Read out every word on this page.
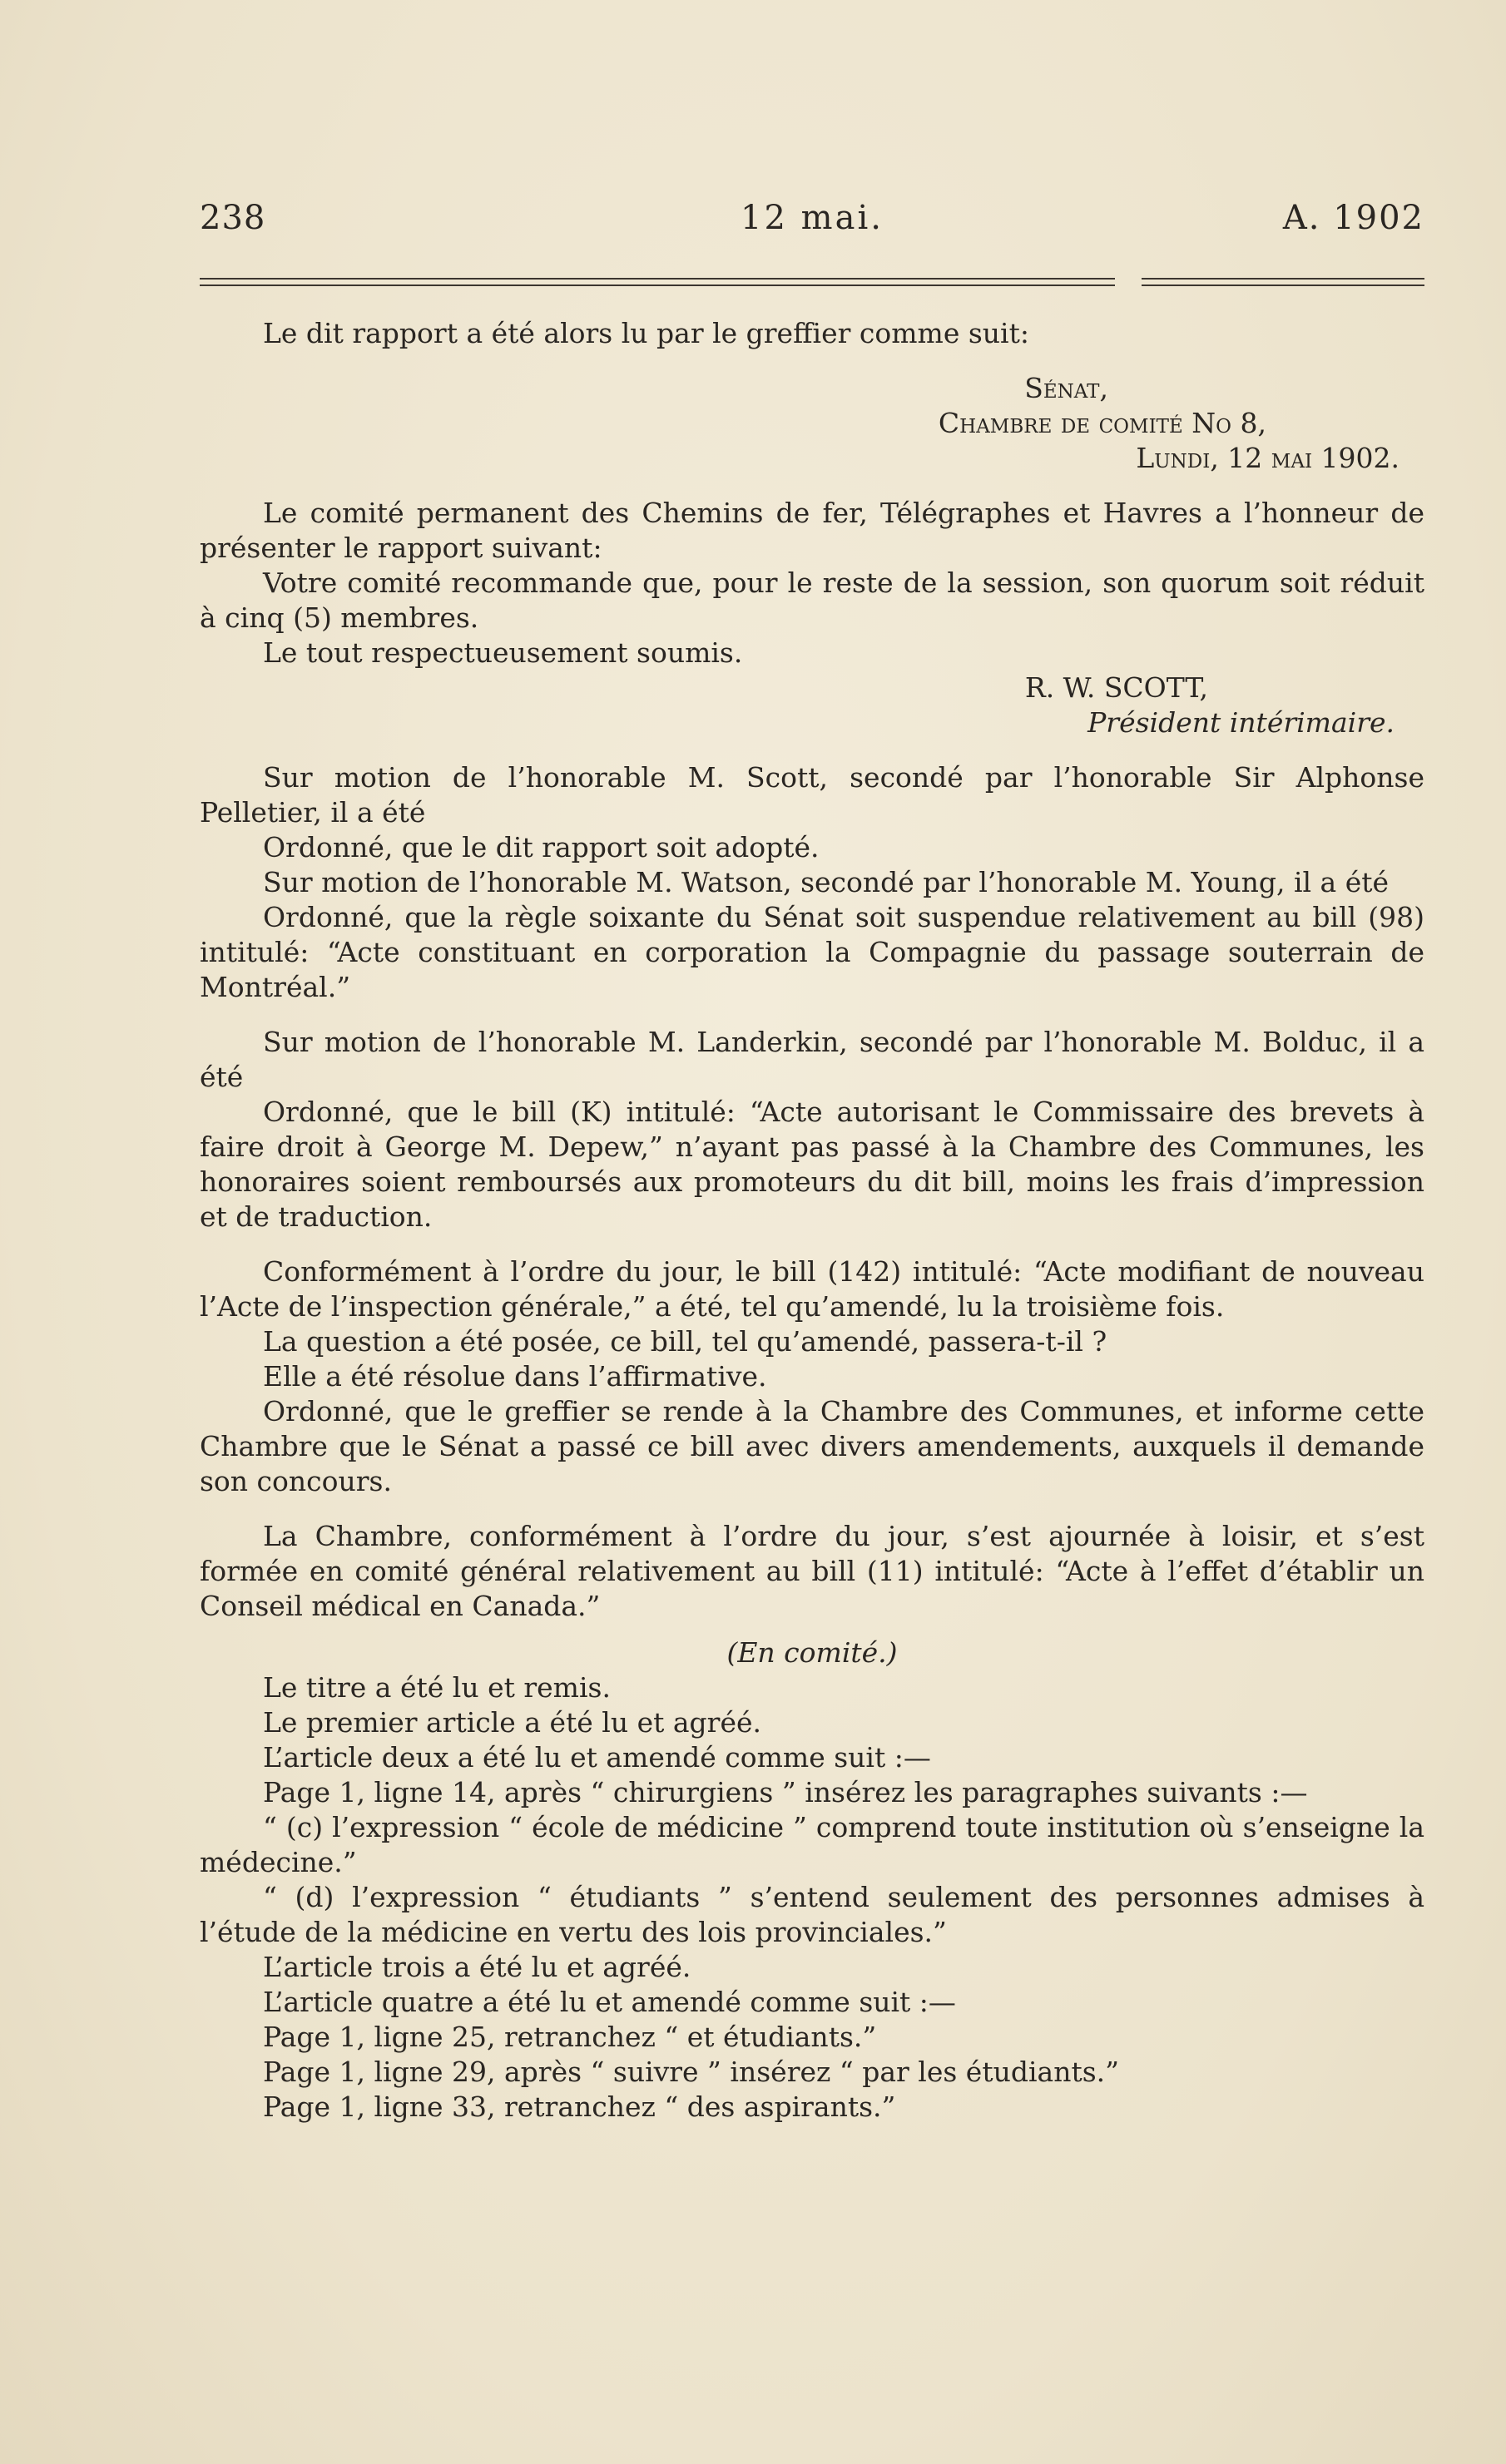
238	12 mai.	A. 1902

Le dit rapport a été alors lu par le greffier comme suit:

Sénat,

Chambre de comité No 8,

Lundi, 12 mai 1902.

Le comité permanent des Chemins de fer, Télégraphes et Havres a l’honneur de présenter le rapport suivant:

Votre comité recommande que, pour le reste de la session, son quorum soit réduit à cinq (5) membres.

Le tout respectueusement soumis.

R. W. SCOTT,

Président intérimaire.

Sur motion de l’honorable M. Scott, secondé par l’honorable Sir Alphonse Pelletier, il a été

Ordonné, que le dit rapport soit adopté.

Sur motion de l’honorable M. Watson, secondé par l’honorable M. Young, il a été

Ordonné, que la règle soixante du Sénat soit suspendue relativement au bill (98) intitulé: “Acte constituant en corporation la Compagnie du passage souterrain de Montréal.”

Sur motion de l’honorable M. Landerkin, secondé par l’honorable M. Bolduc, il a été

Ordonné, que le bill (K) intitulé: “Acte autorisant le Commissaire des brevets à faire droit à George M. Depew,” n’ayant pas passé à la Chambre des Communes, les honoraires soient remboursés aux promoteurs du dit bill, moins les frais d’impression et de traduction.

Conformément à l’ordre du jour, le bill (142) intitulé: “Acte modifiant de nouveau l’Acte de l’inspection générale,” a été, tel qu’amendé, lu la troisième fois.

La question a été posée, ce bill, tel qu’amendé, passera-t-il ?

Elle a été résolue dans l’affirmative.

Ordonné, que le greffier se rende à la Chambre des Communes, et informe cette Chambre que le Sénat a passé ce bill avec divers amendements, auxquels il demande son concours.

La Chambre, conformément à l’ordre du jour, s’est ajournée à loisir, et s’est formée en comité général relativement au bill (11) intitulé: “Acte à l’effet d’établir un Conseil médical en Canada.”

(En comité.)

Le titre a été lu et remis.

Le premier article a été lu et agréé.

L’article deux a été lu et amendé comme suit :—

Page 1, ligne 14, après “ chirurgiens ” insérez les paragraphes suivants :—

“ (c) l’expression “ école de médicine ” comprend toute institution où s’enseigne la médecine.”

“ (d) l’expression “ étudiants ” s’entend seulement des personnes admises à l’étude de la médicine en vertu des lois provinciales.”

L’article trois a été lu et agréé.

L’article quatre a été lu et amendé comme suit :—

Page 1, ligne 25, retranchez “ et étudiants.”

Page 1, ligne 29, après “ suivre ” insérez “ par les étudiants.”

Page 1, ligne 33, retranchez “ des aspirants.”
